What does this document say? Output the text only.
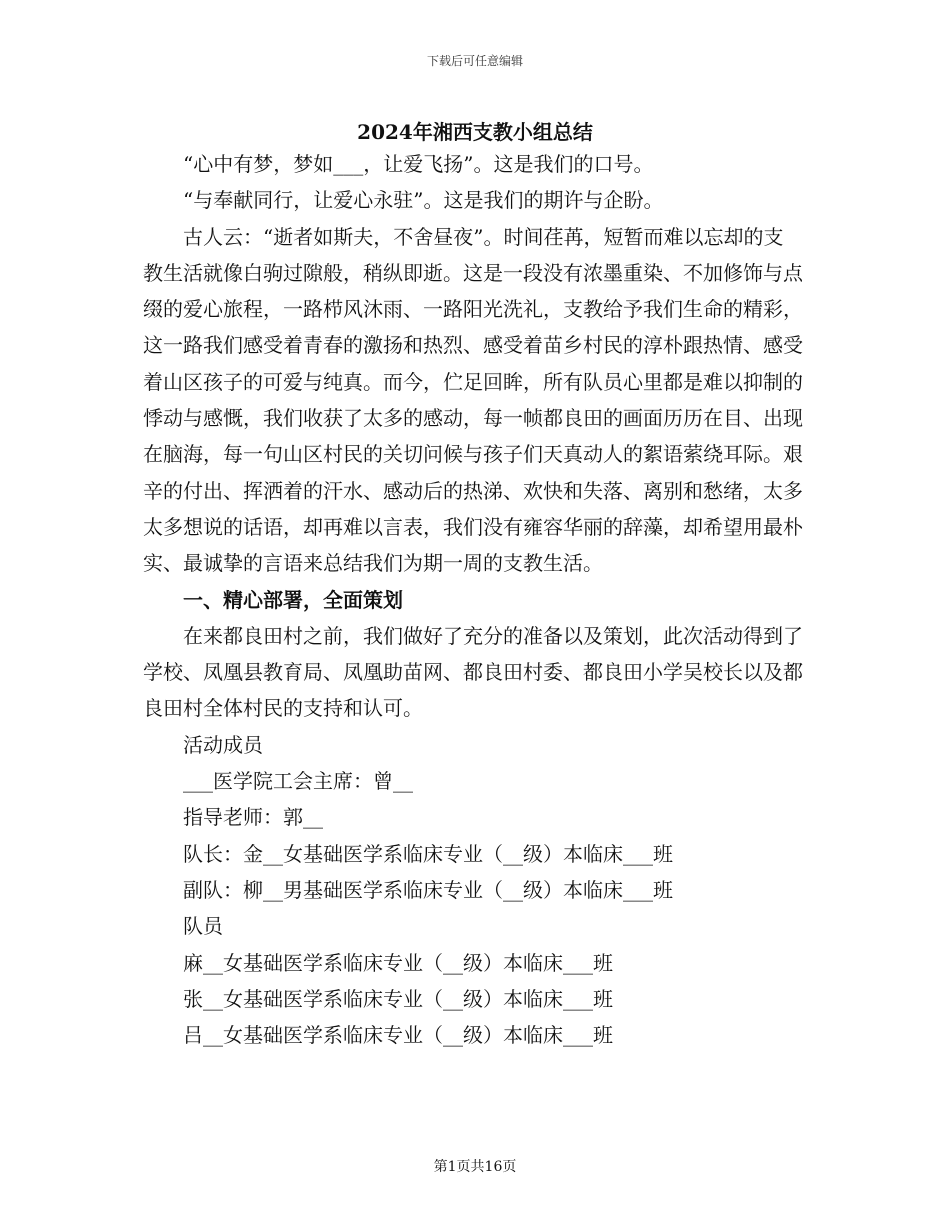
下载后可任意编辑
2024年湘西支教小组总结

“心中有梦，梦如___，让爱飞扬”。这是我们的口号。

“与奉献同行，让爱心永驻”。这是我们的期许与企盼。

古人云：“逝者如斯夫，不舍昼夜”。时间荏苒，短暂而难以忘却的支教生活就像白驹过隙般，稍纵即逝。这是一段没有浓墨重染、不加修饰与点缀的爱心旅程，一路栉风沐雨、一路阳光洗礼，支教给予我们生命的精彩，这一路我们感受着青春的激扬和热烈、感受着苗乡村民的淳朴跟热情、感受着山区孩子的可爱与纯真。而今，伫足回眸，所有队员心里都是难以抑制的悸动与感慨，我们收获了太多的感动，每一帧都良田的画面历历在目、出现在脑海，每一句山区村民的关切问候与孩子们天真动人的絮语萦绕耳际。艰辛的付出、挥洒着的汗水、感动后的热涕、欢快和失落、离别和愁绪，太多太多想说的话语，却再难以言表，我们没有雍容华丽的辞藻，却希望用最朴实、最诚挚的言语来总结我们为期一周的支教生活。

一、精心部署，全面策划

在来都良田村之前，我们做好了充分的准备以及策划，此次活动得到了学校、凤凰县教育局、凤凰助苗网、都良田村委、都良田小学吴校长以及都良田村全体村民的支持和认可。

活动成员

___医学院工会主席：曾__

指导老师：郭__

队长：金__女基础医学系临床专业（__级）本临床___班

副队：柳__男基础医学系临床专业（__级）本临床___班

队员

麻__女基础医学系临床专业（__级）本临床___班

张__女基础医学系临床专业（__级）本临床___班

吕__女基础医学系临床专业（__级）本临床___班

第1页共16页
